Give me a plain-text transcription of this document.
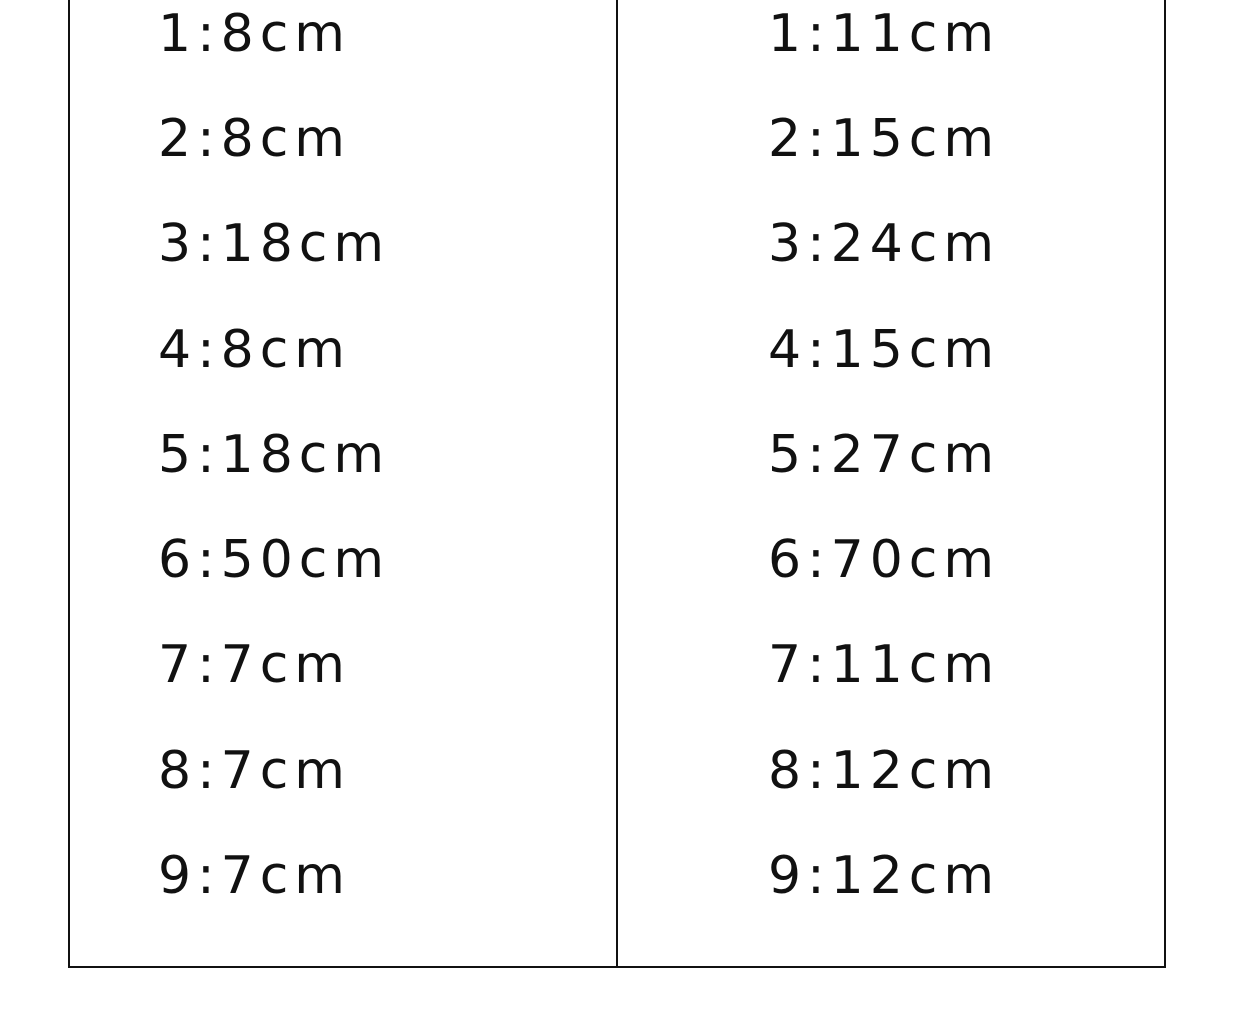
1:8cm
2:8cm
3:18cm
4:8cm
5:18cm
6:50cm
7:7cm
8:7cm
9:7cm
1:11cm
2:15cm
3:24cm
4:15cm
5:27cm
6:70cm
7:11cm
8:12cm
9:12cm
